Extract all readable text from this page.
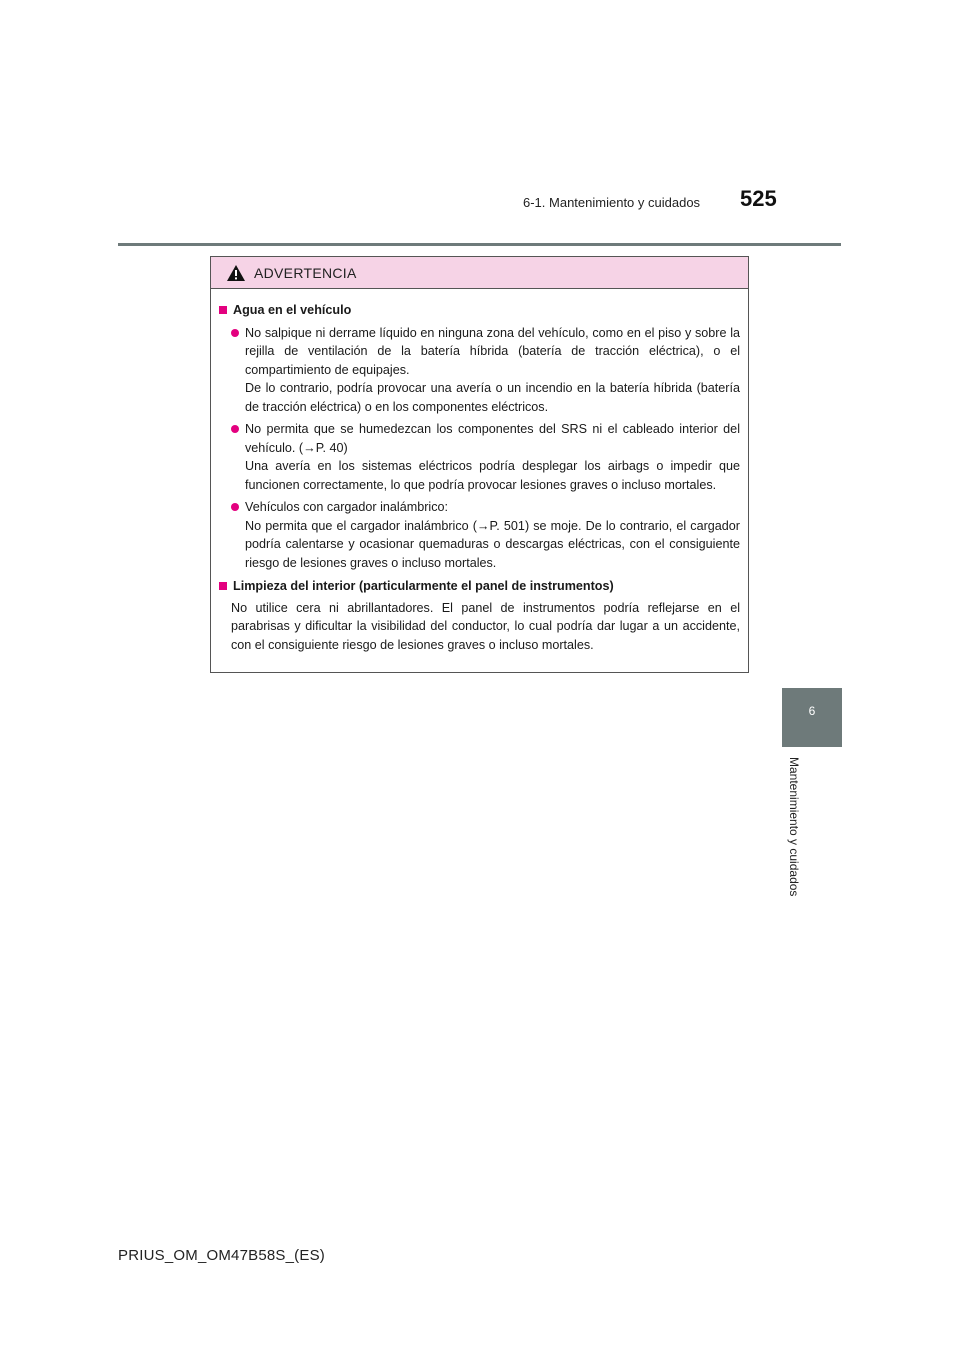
6-1. Mantenimiento y cuidados 525
6
Mantenimiento y cuidados
ADVERTENCIA
Agua en el vehículo

No salpique ni derrame líquido en ninguna zona del vehículo, como en el piso y sobre la rejilla de ventilación de la batería híbrida (batería de tracción eléctrica), o el compartimiento de equipajes.

De lo contrario, podría provocar una avería o un incendio en la batería híbrida (batería de tracción eléctrica) o en los componentes eléctricos.

No permita que se humedezcan los componentes del SRS ni el cableado interior del vehículo. (→P. 40)

Una avería en los sistemas eléctricos podría desplegar los airbags o impedir que funcionen correctamente, lo que podría provocar lesiones graves o incluso mortales.

Vehículos con cargador inalámbrico:

No permita que el cargador inalámbrico (→P. 501) se moje. De lo contrario, el cargador podría calentarse y ocasionar quemaduras o descargas eléctricas, con el consiguiente riesgo de lesiones graves o incluso mortales.

Limpieza del interior (particularmente el panel de instrumentos)
No utilice cera ni abrillantadores. El panel de instrumentos podría reflejarse en el parabrisas y dificultar la visibilidad del conductor, lo cual podría dar lugar a un accidente, con el consiguiente riesgo de lesiones graves o incluso mortales.
PRIUS_OM_OM47B58S_(ES)
